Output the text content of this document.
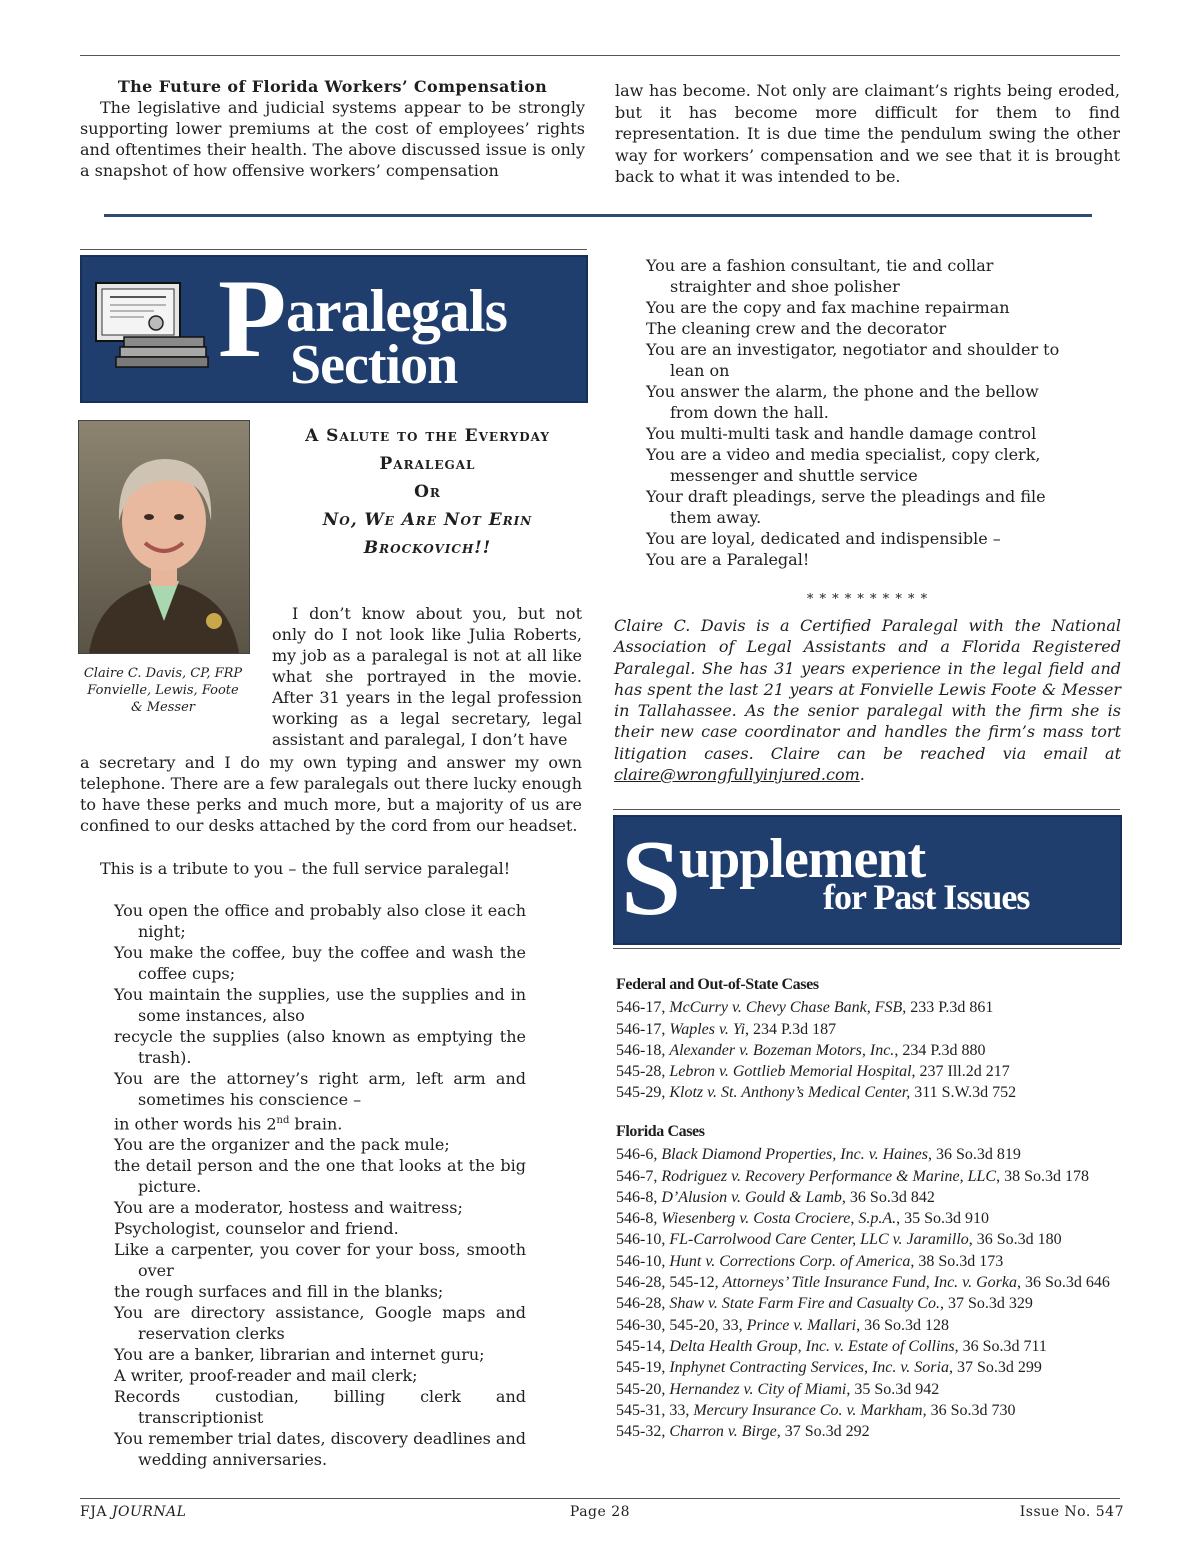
The Future of Florida Workers’ Compensation

The legislative and judicial systems appear to be strongly supporting lower premiums at the cost of employees’ rights and oftentimes their health. The above discussed issue is only a snapshot of how offensive workers’ compensation

law has become. Not only are claimant’s rights being eroded, but it has become more difficult for them to find representation. It is due time the pendulum swing the other way for workers’ compensation and we see that it is brought back to what it was intended to be.

P aralegals
Section
Claire C. Davis, CP, FRP
Fonvielle, Lewis, Foote
& Messer
A Salute to the Everyday
Paralegal
Or
No, We Are Not Erin
Brockovich!!

I don’t know about you, but not only do I not look like Julia Roberts, my job as a paralegal is not at all like what she portrayed in the movie. After 31 years in the legal profession working as a legal secretary, legal assistant and paralegal, I don’t have

a secretary and I do my own typing and answer my own telephone. There are a few paralegals out there lucky enough to have these perks and much more, but a majority of us are confined to our desks attached by the cord from our headset.

This is a tribute to you – the full service paralegal!

You open the office and probably also close it each night;
You make the coffee, buy the coffee and wash the coffee cups;
You maintain the supplies, use the supplies and in some instances, also
recycle the supplies (also known as emptying the trash).
You are the attorney’s right arm, left arm and sometimes his conscience –
in other words his 2nd brain.
You are the organizer and the pack mule;
the detail person and the one that looks at the big picture.
You are a moderator, hostess and waitress;
Psychologist, counselor and friend.
Like a carpenter, you cover for your boss, smooth over
the rough surfaces and fill in the blanks;
You are directory assistance, Google maps and reservation clerks
You are a banker, librarian and internet guru;
A writer, proof-reader and mail clerk;
Records custodian, billing clerk and transcriptionist
You remember trial dates, discovery deadlines and wedding anniversaries.
You are a fashion consultant, tie and collar straighter and shoe polisher
You are the copy and fax machine repairman
The cleaning crew and the decorator
You are an investigator, negotiator and shoulder to lean on
You answer the alarm, the phone and the bellow from down the hall.
You multi-multi task and handle damage control
You are a video and media specialist, copy clerk, messenger and shuttle service
Your draft pleadings, serve the pleadings and file them away.
You are loyal, dedicated and indispensible –
You are a Paralegal!
* * * * * * * * * *

Claire C. Davis is a Certified Paralegal with the National Association of Legal Assistants and a Florida Registered Paralegal. She has 31 years experience in the legal field and has spent the last 21 years at Fonvielle Lewis Foote & Messer in Tallahassee. As the senior paralegal with the firm she is their new case coordinator and handles the firm’s mass tort litigation cases. Claire can be reached via email at claire@wrongfullyinjured.com.

S
upplement
for Past Issues
Federal and Out-of-State Cases
546-17, McCurry v. Chevy Chase Bank, FSB, 233 P.3d 861
546-17, Waples v. Yi, 234 P.3d 187
546-18, Alexander v. Bozeman Motors, Inc., 234 P.3d 880
545-28, Lebron v. Gottlieb Memorial Hospital, 237 Ill.2d 217
545-29, Klotz v. St. Anthony’s Medical Center, 311 S.W.3d 752
Florida Cases
546-6, Black Diamond Properties, Inc. v. Haines, 36 So.3d 819
546-7, Rodriguez v. Recovery Performance & Marine, LLC, 38 So.3d 178
546-8, D’Alusion v. Gould & Lamb, 36 So.3d 842
546-8, Wiesenberg v. Costa Crociere, S.p.A., 35 So.3d 910
546-10, FL-Carrolwood Care Center, LLC v. Jaramillo, 36 So.3d 180
546-10, Hunt v. Corrections Corp. of America, 38 So.3d 173
546-28, 545-12, Attorneys’ Title Insurance Fund, Inc. v. Gorka, 36 So.3d 646
546-28, Shaw v. State Farm Fire and Casualty Co., 37 So.3d 329
546-30, 545-20, 33, Prince v. Mallari, 36 So.3d 128
545-14, Delta Health Group, Inc. v. Estate of Collins, 36 So.3d 711
545-19, Inphynet Contracting Services, Inc. v. Soria, 37 So.3d 299
545-20, Hernandez v. City of Miami, 35 So.3d 942
545-31, 33, Mercury Insurance Co. v. Markham, 36 So.3d 730
545-32, Charron v. Birge, 37 So.3d 292
FJA JOURNAL	Page 28	Issue No. 547
